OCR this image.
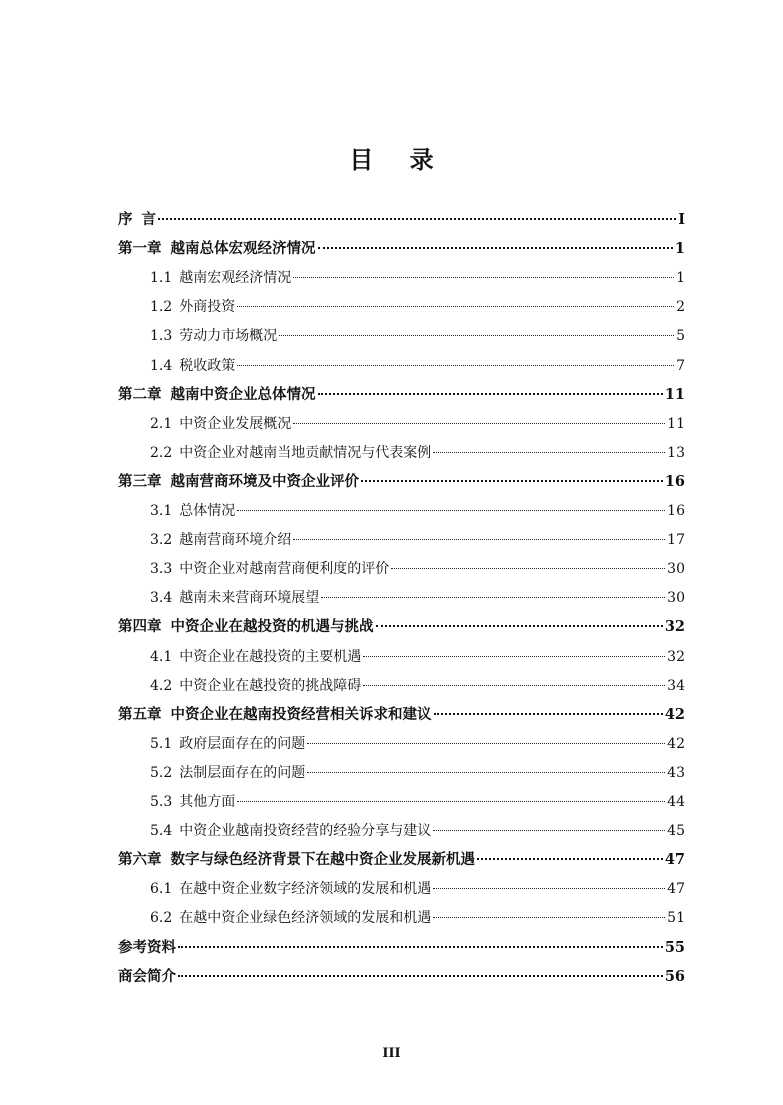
目 录
序 言	I
第一章 越南总体宏观经济情况	1
1.1 越南宏观经济情况	1
1.2 外商投资	2
1.3 劳动力市场概况	5
1.4 税收政策	7
第二章 越南中资企业总体情况	11
2.1 中资企业发展概况	11
2.2 中资企业对越南当地贡献情况与代表案例	13
第三章 越南营商环境及中资企业评价	16
3.1 总体情况	16
3.2 越南营商环境介绍	17
3.3 中资企业对越南营商便利度的评价	30
3.4 越南未来营商环境展望	30
第四章 中资企业在越投资的机遇与挑战	32
4.1 中资企业在越投资的主要机遇	32
4.2 中资企业在越投资的挑战障碍	34
第五章 中资企业在越南投资经营相关诉求和建议	42
5.1 政府层面存在的问题	42
5.2 法制层面存在的问题	43
5.3 其他方面	44
5.4 中资企业越南投资经营的经验分享与建议	45
第六章 数字与绿色经济背景下在越中资企业发展新机遇	47
6.1 在越中资企业数字经济领域的发展和机遇	47
6.2 在越中资企业绿色经济领域的发展和机遇	51
参考资料	55
商会简介	56
III
